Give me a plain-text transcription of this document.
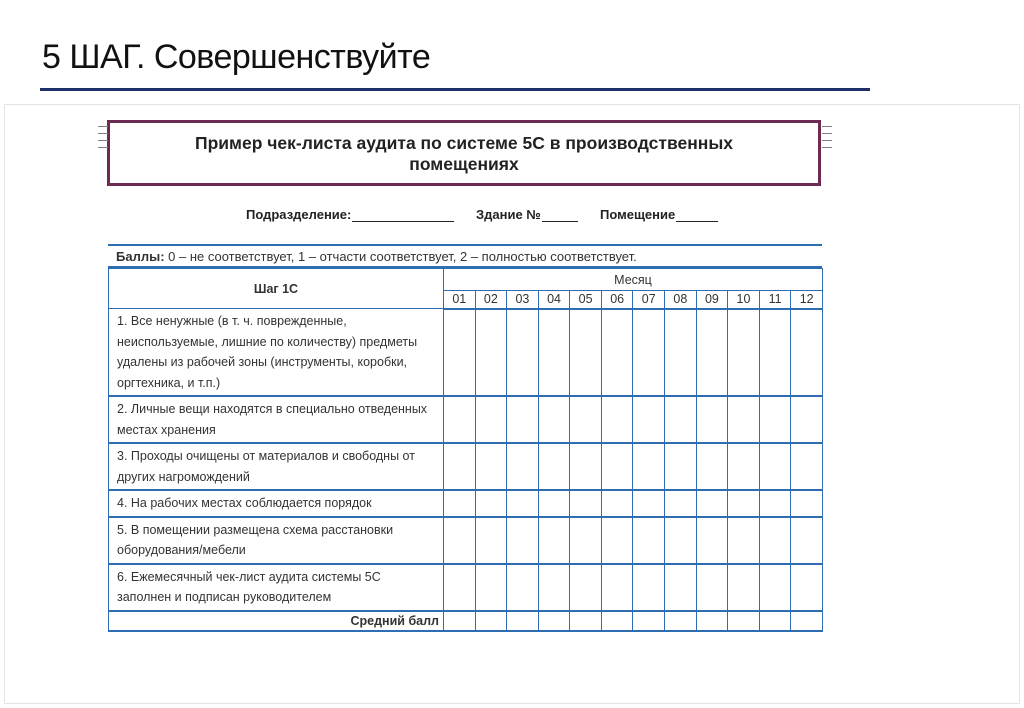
5 ШАГ. Совершенствуйте
Пример чек-листа аудита по системе 5С в производственных
помещениях
Подразделение:	Здание №	Помещение
Баллы: 0 – не соответствует, 1 – отчасти соответствует, 2 – полностью соответствует.
Шаг 1С	Месяц											
	01	02	03	04	05	06	07	08	09	10	11	12
1. Все ненужные (в т. ч. поврежденные, неиспользуемые, лишние по количеству) предметы удалены из рабочей зоны (инструменты, коробки, оргтехника, и т.п.)												
2. Личные вещи находятся в специально отведенных местах хранения												
3. Проходы очищены от материалов и свободны от других нагромождений												
4. На рабочих местах соблюдается порядок												
5. В помещении размещена схема расстановки оборудования/мебели												
6. Ежемесячный чек-лист аудита системы 5С заполнен и подписан руководителем												
Средний балл												
